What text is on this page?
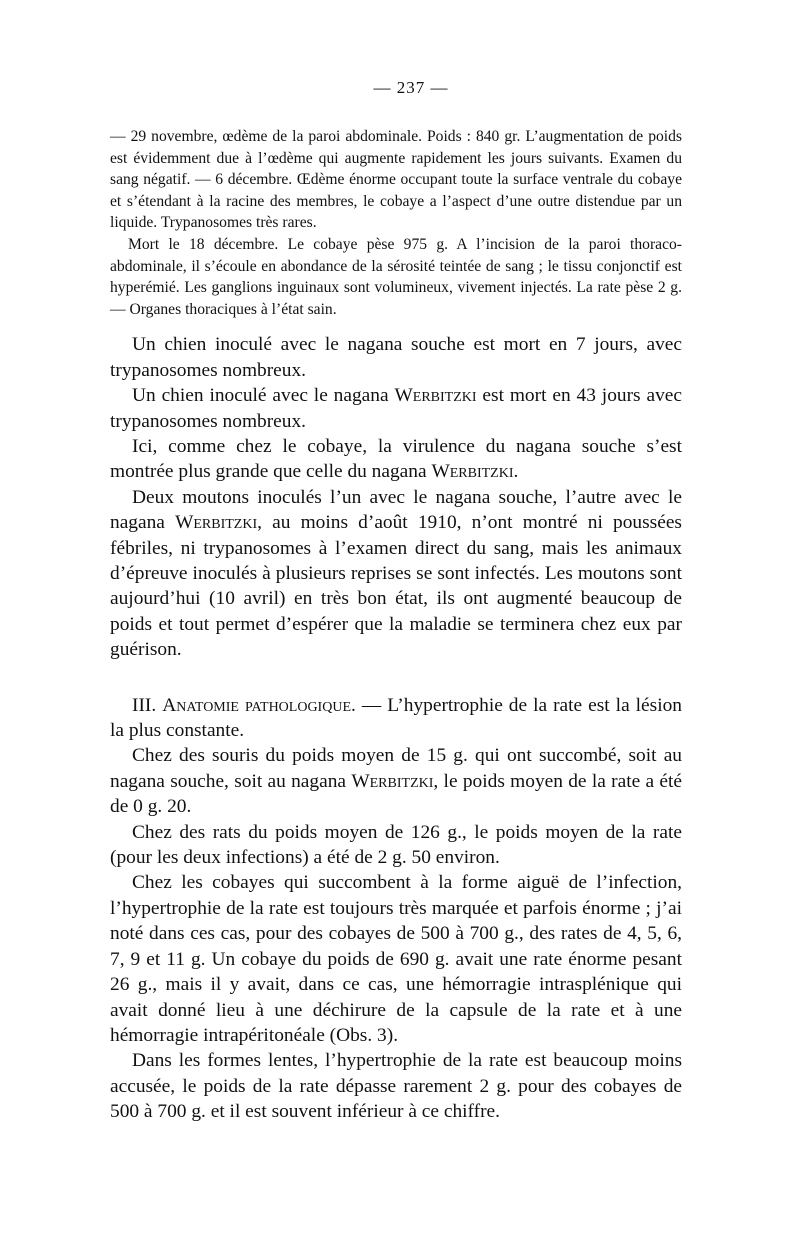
— 237 —

— 29 novembre, œdème de la paroi abdominale. Poids : 840 gr. L’augmentation de poids est évidemment due à l’œdème qui augmente rapidement les jours suivants. Examen du sang négatif. — 6 décembre. Œdème énorme occupant toute la surface ventrale du cobaye et s’étendant à la racine des membres, le cobaye a l’aspect d’une outre distendue par un liquide. Trypanosomes très rares.

Mort le 18 décembre. Le cobaye pèse 975 g. A l’incision de la paroi thoraco-abdominale, il s’écoule en abondance de la sérosité teintée de sang ; le tissu conjonctif est hyperémié. Les ganglions inguinaux sont volumineux, vivement injectés. La rate pèse 2 g. — Organes thoraciques à l’état sain.

Un chien inoculé avec le nagana souche est mort en 7 jours, avec trypanosomes nombreux.

Un chien inoculé avec le nagana Werbitzki est mort en 43 jours avec trypanosomes nombreux.

Ici, comme chez le cobaye, la virulence du nagana souche s’est montrée plus grande que celle du nagana Werbitzki.

Deux moutons inoculés l’un avec le nagana souche, l’autre avec le nagana Werbitzki, au moins d’août 1910, n’ont montré ni poussées fébriles, ni trypanosomes à l’examen direct du sang, mais les animaux d’épreuve inoculés à plusieurs reprises se sont infectés. Les moutons sont aujourd’hui (10 avril) en très bon état, ils ont augmenté beaucoup de poids et tout permet d’espérer que la maladie se terminera chez eux par guérison.

III. Anatomie pathologique. — L’hypertrophie de la rate est la lésion la plus constante.

Chez des souris du poids moyen de 15 g. qui ont succombé, soit au nagana souche, soit au nagana Werbitzki, le poids moyen de la rate a été de 0 g. 20.

Chez des rats du poids moyen de 126 g., le poids moyen de la rate (pour les deux infections) a été de 2 g. 50 environ.

Chez les cobayes qui succombent à la forme aiguë de l’infection, l’hypertrophie de la rate est toujours très marquée et parfois énorme ; j’ai noté dans ces cas, pour des cobayes de 500 à 700 g., des rates de 4, 5, 6, 7, 9 et 11 g. Un cobaye du poids de 690 g. avait une rate énorme pesant 26 g., mais il y avait, dans ce cas, une hémorragie intrasplénique qui avait donné lieu à une déchirure de la capsule de la rate et à une hémorragie intrapéritonéale (Obs. 3).

Dans les formes lentes, l’hypertrophie de la rate est beaucoup moins accusée, le poids de la rate dépasse rarement 2 g. pour des cobayes de 500 à 700 g. et il est souvent inférieur à ce chiffre.
